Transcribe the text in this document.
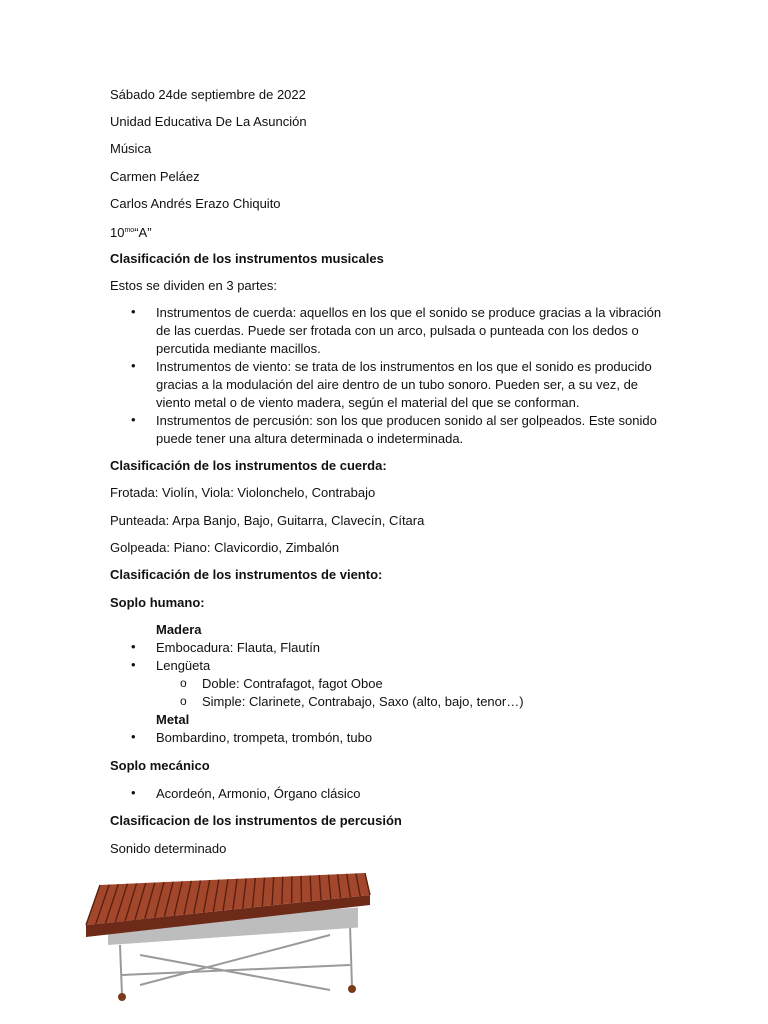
Sábado 24de septiembre de 2022

Unidad Educativa De La Asunción

Música

Carmen Peláez

Carlos Andrés Erazo Chiquito

$10^{mo}“A$”

Clasificación de los instrumentos musicales

Estos se dividen en 3 partes:

•	Instrumentos de cuerda: aquellos en los que el sonido se produce gracias a la vibración de las cuerdas. Puede ser frotada con un arco, pulsada o punteada con los dedos o percutida mediante macillos.
•	Instrumentos de viento: se trata de los instrumentos en los que el sonido es producido gracias a la modulación del aire dentro de un tubo sonoro. Pueden ser, a su vez, de viento metal o de viento madera, según el material del que se conforman.
•	Instrumentos de percusión: son los que producen sonido al ser golpeados. Este sonido puede tener una altura determinada o indeterminada.

Clasificación de los instrumentos de cuerda:

Frotada: Violín, Viola: Violonchelo, Contrabajo

Punteada: Arpa Banjo, Bajo, Guitarra, Clavecín, Cítara

Golpeada: Piano: Clavicordio, Zimbalón

Clasificación de los instrumentos de viento:

Soplo humano:

Madera
•	Embocadura: Flauta, Flautín
•	Lengüeta
o Doble: Contrafagot, fagot Oboe
o Simple: Clarinete, Contrabajo, Saxo (alto, bajo, tenor…)
Metal
•	Bombardino, trompeta, trombón, tubo

Soplo mecánico

•	Acordeón, Armonio, Órgano clásico

Clasificacion de los instrumentos de percusión

Sonido determinado
